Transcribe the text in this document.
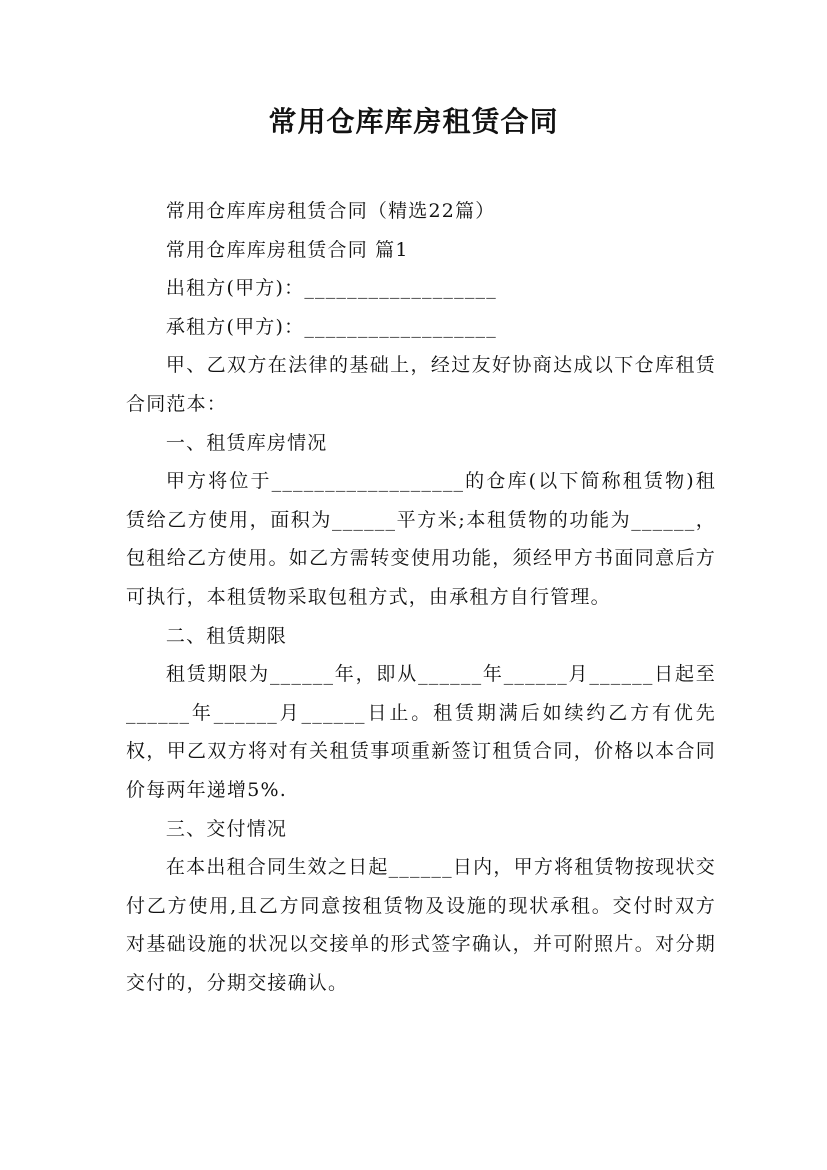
常用仓库库房租赁合同

常用仓库库房租赁合同（精选22篇）

常用仓库库房租赁合同 篇1

出租方(甲方)：__________________

承租方(甲方)：__________________

甲、乙双方在法律的基础上，经过友好协商达成以下仓库租赁合同范本：

一、租赁库房情况

甲方将位于__________________的仓库(以下简称租赁物)租赁给乙方使用，面积为______平方米;本租赁物的功能为______，包租给乙方使用。如乙方需转变使用功能，须经甲方书面同意后方可执行，本租赁物采取包租方式，由承租方自行管理。

二、租赁期限

租赁期限为______年，即从______年______月______日起至______年______月______日止。租赁期满后如续约乙方有优先权，甲乙双方将对有关租赁事项重新签订租赁合同，价格以本合同价每两年递增5%.

三、交付情况

在本出租合同生效之日起______日内，甲方将租赁物按现状交付乙方使用,且乙方同意按租赁物及设施的现状承租。交付时双方对基础设施的状况以交接单的形式签字确认，并可附照片。对分期交付的，分期交接确认。
